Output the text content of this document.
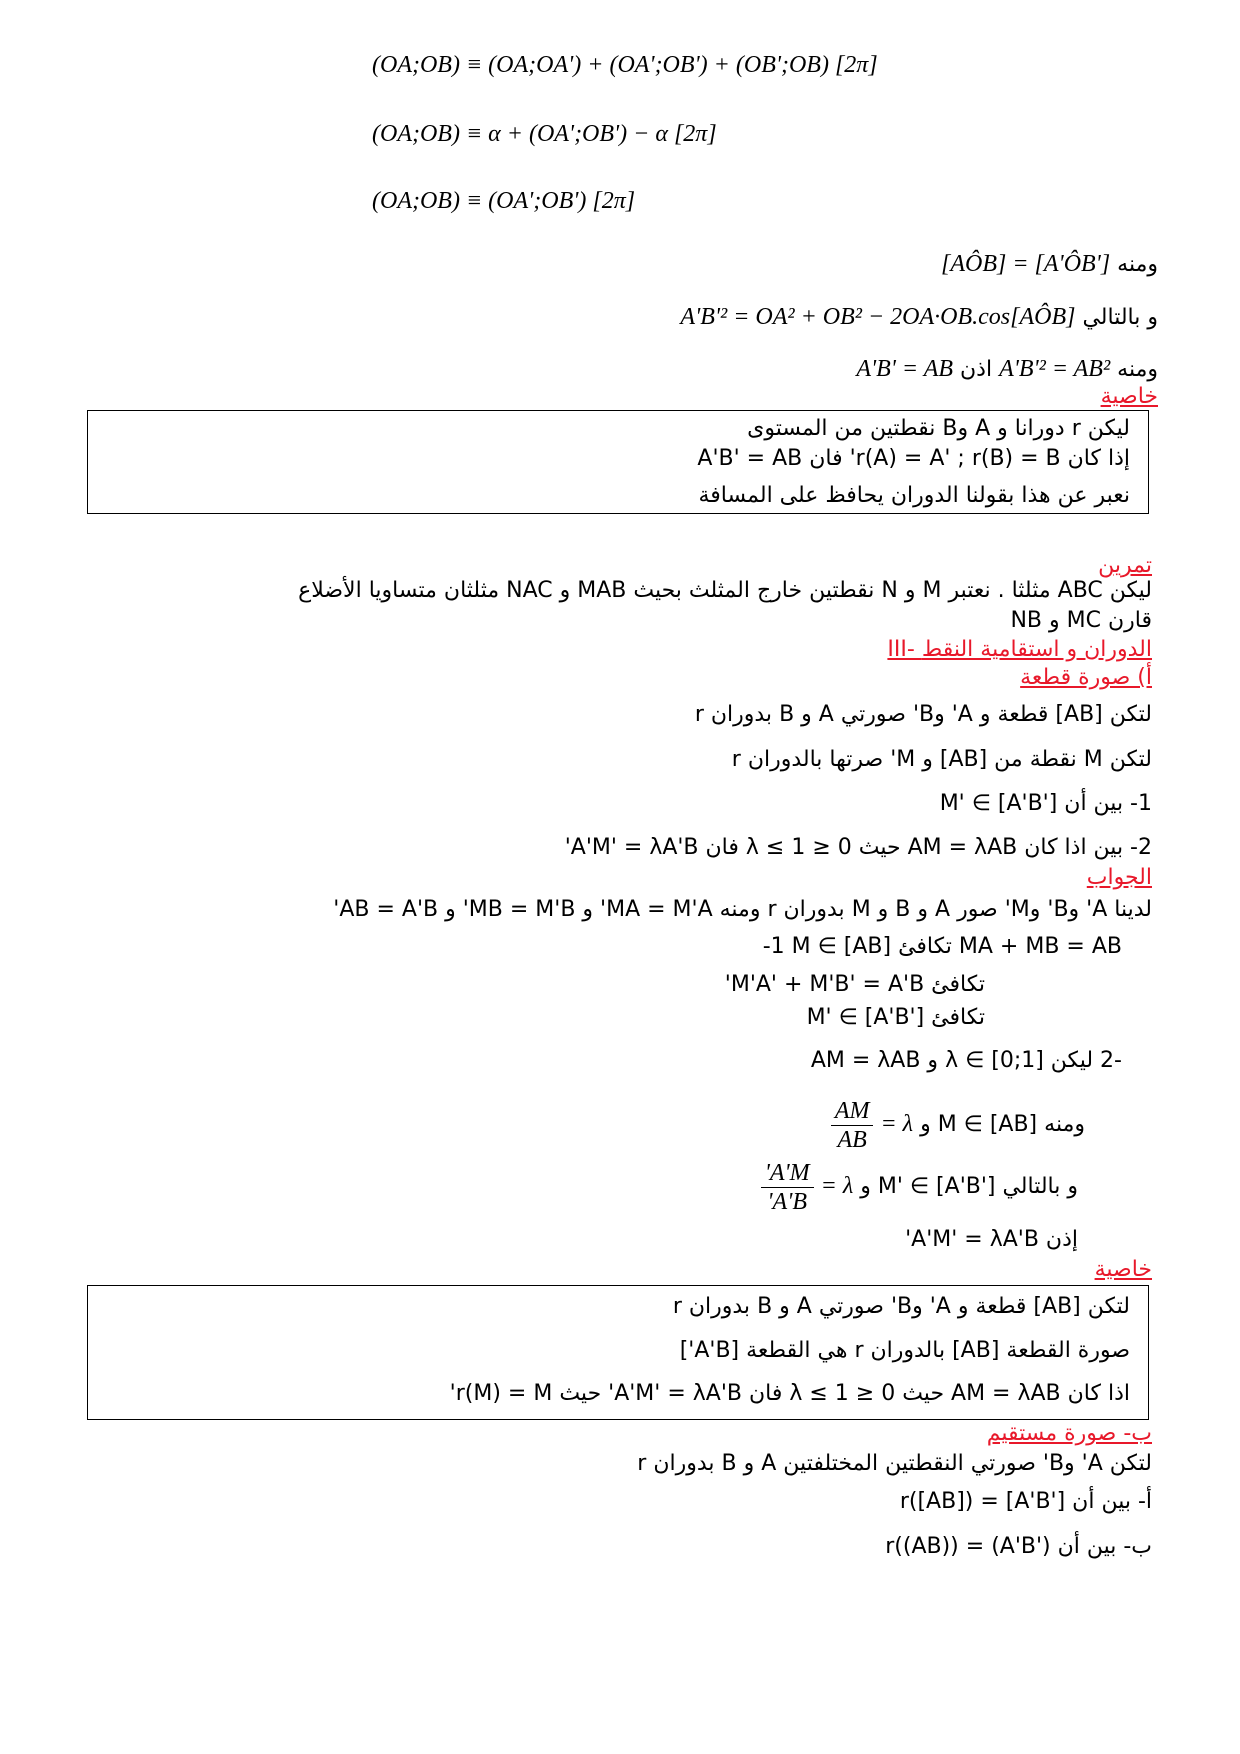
(OA;OB) ≡ (OA;OA') + (OA';OB') + (OB';OB) [2π]
(OA;OB) ≡ α + (OA';OB') − α [2π]
(OA;OB) ≡ (OA';OB') [2π]
ومنه [AÔB] = [A'ÔB']
و بالتالي A'B'² = OA² + OB² − 2OA·OB.cos[AÔB]
ومنه A'B'² = AB² اذن A'B' = AB
خاصية
ليكن r دورانا و A وB نقطتين من المستوى
إذا كان r(A) = A' ; r(B) = B' فان A'B' = AB
نعبر عن هذا بقولنا الدوران يحافظ على المسافة
تمرين
ليكن ABC مثلثا . نعتبر M و N نقطتين خارج المثلث بحيث MAB و NAC مثلثان متساويا الأضلاع
قارن MC و NB
III- الدوران و استقامية النقط
أ) صورة قطعة
لتكن [AB] قطعة و A' وB' صورتي A و B بدوران r
لتكن M نقطة من [AB] و M' صرتها بالدوران r
1- بين أن M' ∈ [A'B']
2- بين اذا كان AM = λAB حيث 0 ≤ λ ≤ 1 فان A'M' = λA'B'
الجواب
لدينا A' وB' وM' صور A و B و M بدوران r ومنه MA = M'A' و MB = M'B' و AB = A'B'
-1 M ∈ [AB] تكافئ MA + MB = AB
تكافئ M'A' + M'B' = A'B'
تكافئ M' ∈ [A'B']
-2 ليكن λ ∈ [0;1] و AM = λAB
ومنه M ∈ [AB] و = λ
$\frac{AM}{AB}$
و بالتالي M' ∈ [A'B'] و = λ
$\frac{A'M'}{A'B'}$
إذن A'M' = λA'B'
خاصية
لتكن [AB] قطعة و A' وB' صورتي A و B بدوران r
صورة القطعة [AB] بالدوران r هي القطعة [A'B']
اذا كان AM = λAB حيث 0 ≤ λ ≤ 1 فان A'M' = λA'B' حيث r(M) = M'
ب- صورة مستقيم
لتكن A' وB' صورتي النقطتين المختلفتين A و B بدوران r
أ- بين أن r([AB]) = [A'B']
ب- بين أن r((AB)) = (A'B')
